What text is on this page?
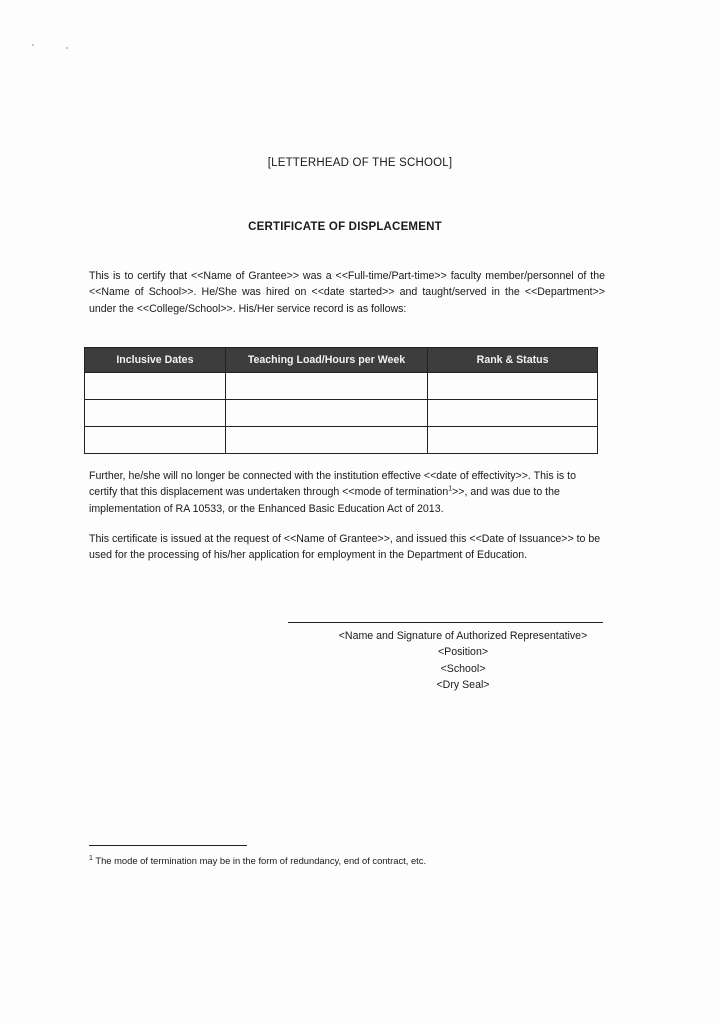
[LETTERHEAD OF THE SCHOOL]
CERTIFICATE OF DISPLACEMENT
This is to certify that <<Name of Grantee>> was a <<Full-time/Part-time>> faculty member/personnel of the <<Name of School>>. He/She was hired on <<date started>> and taught/served in the <<Department>> under the <<College/School>>. His/Her service record is as follows:
Inclusive Dates	Teaching Load/Hours per Week	Rank & Status

Further, he/she will no longer be connected with the institution effective <<date of effectivity>>. This is to certify that this displacement was undertaken through <<mode of termination$^1$>>, and was due to the implementation of RA 10533, or the Enhanced Basic Education Act of 2013.
This certificate is issued at the request of <<Name of Grantee>>, and issued this <<Date of Issuance>> to be used for the processing of his/her application for employment in the Department of Education.
<Name and Signature of Authorized Representative>
<Position>
<School>
<Dry Seal>
$^1$ The mode of termination may be in the form of redundancy, end of contract, etc.
